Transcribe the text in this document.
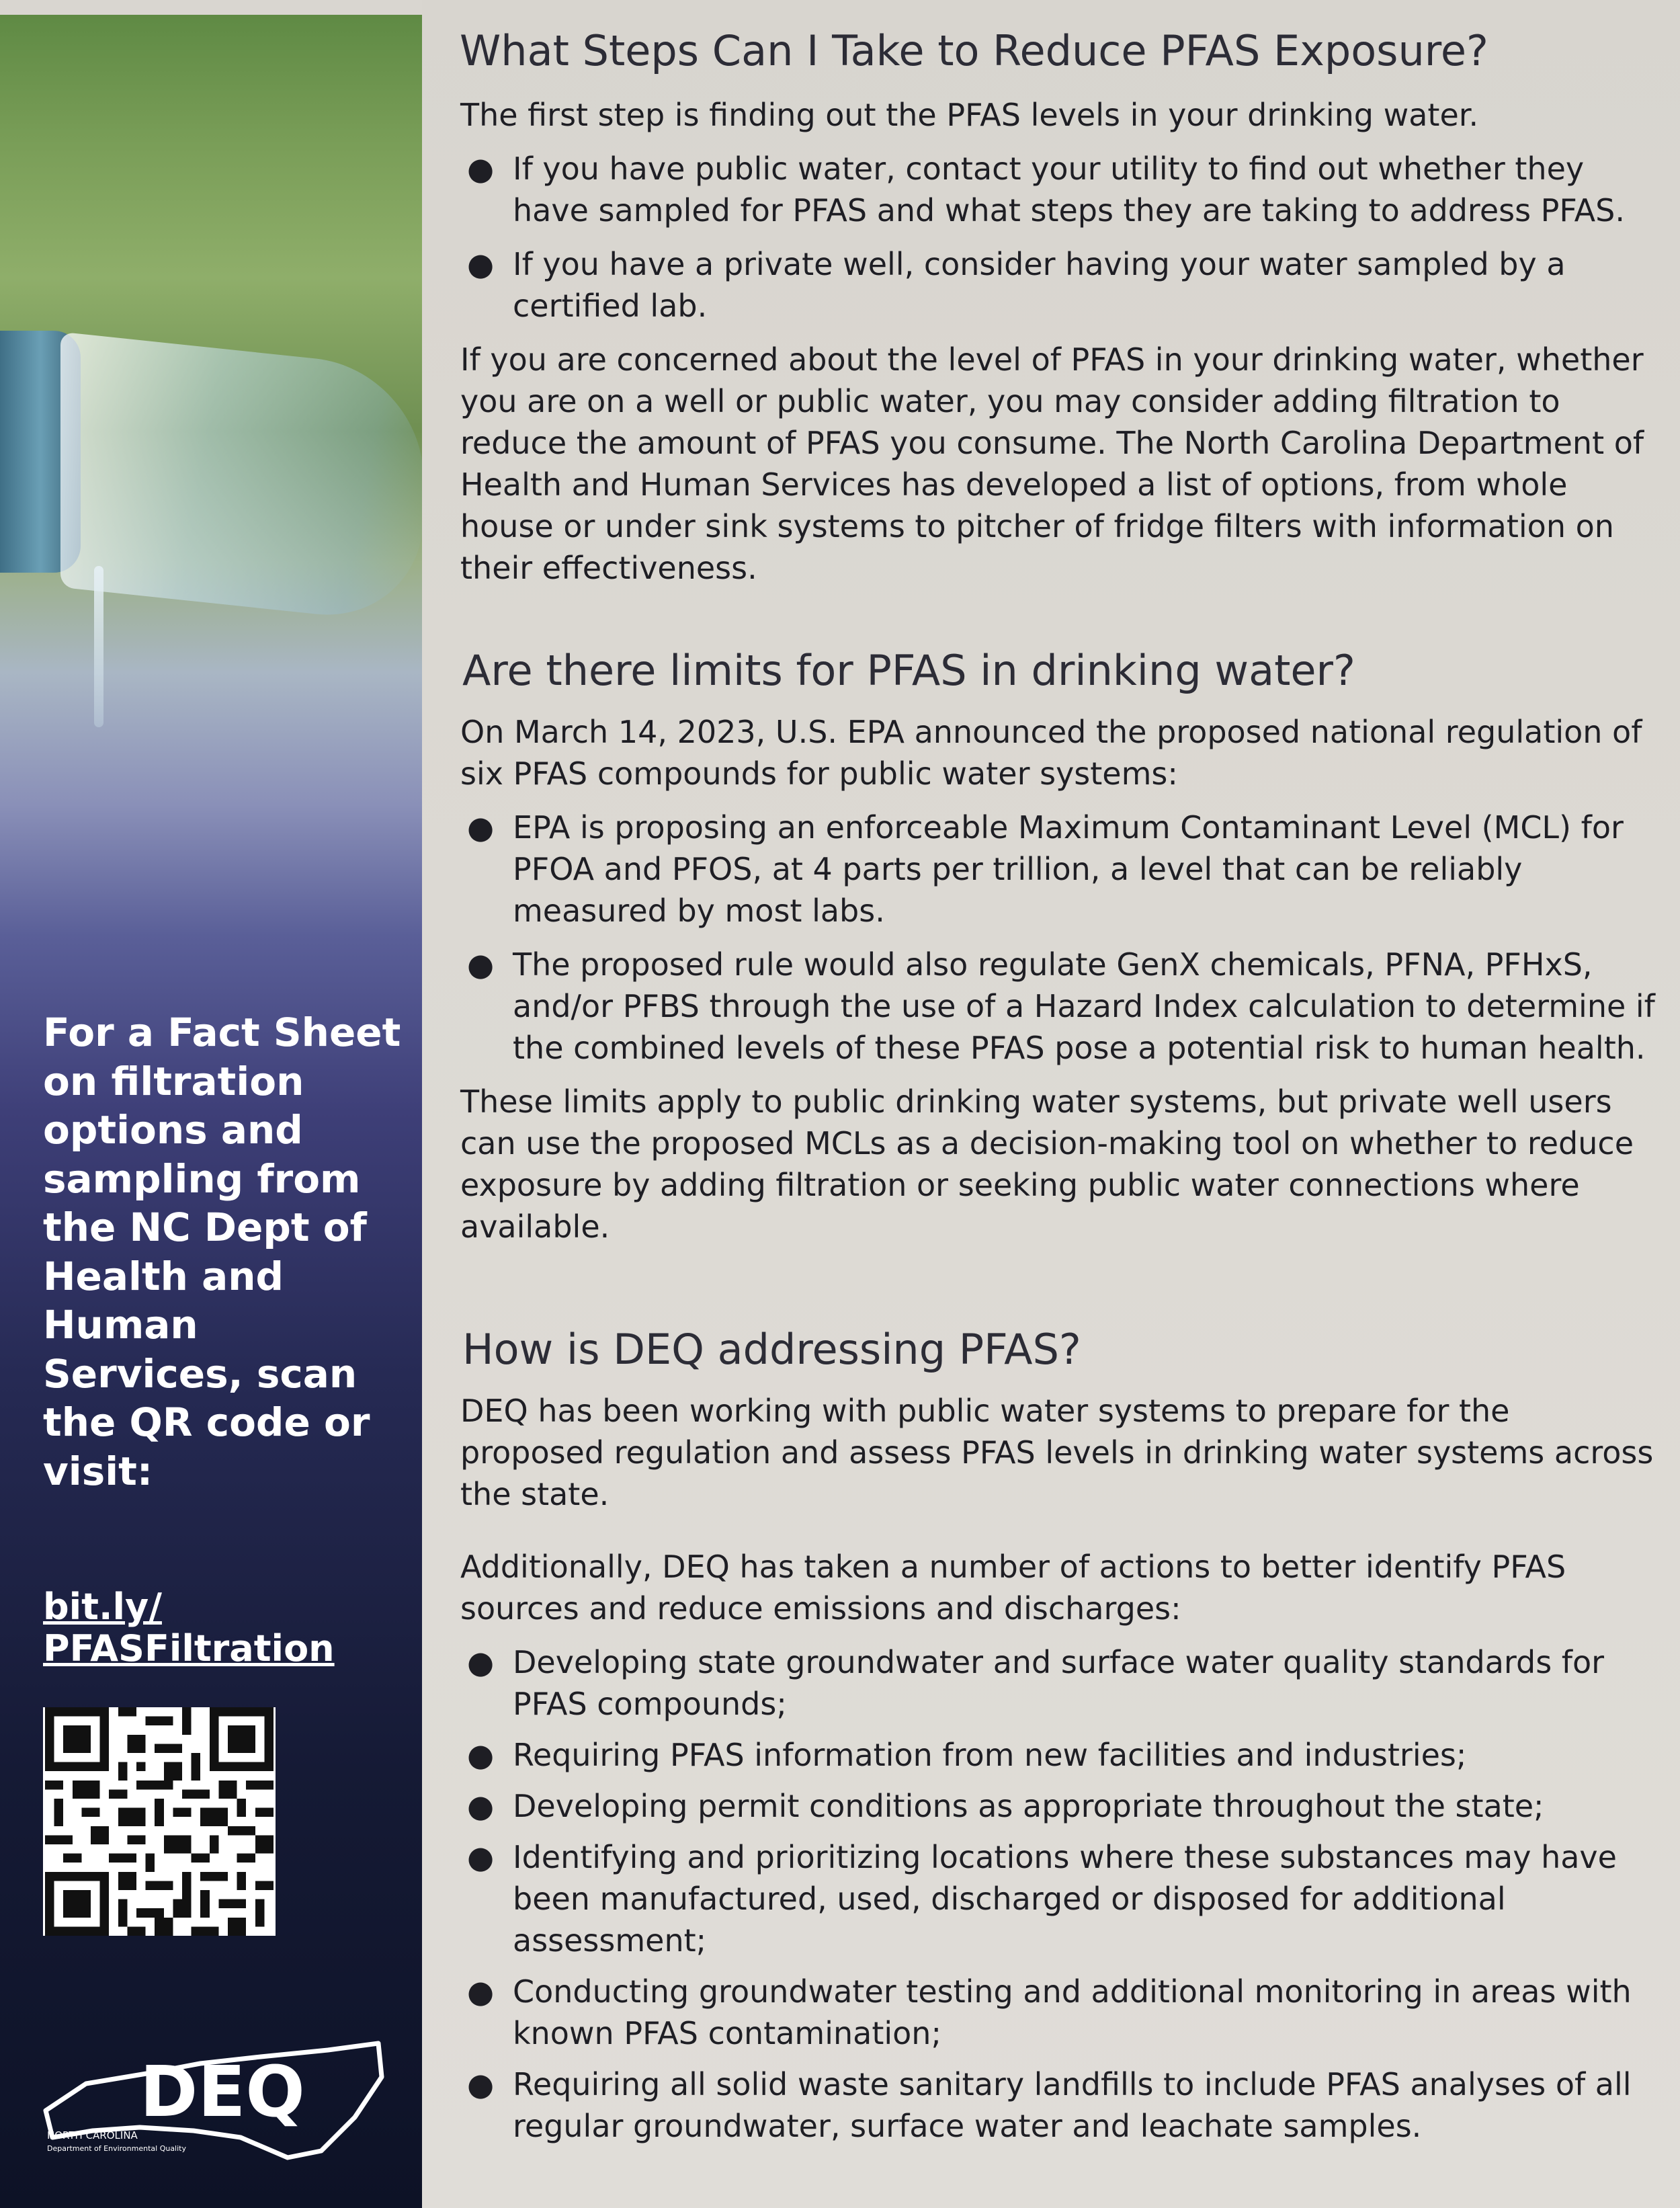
For a Fact Sheet on filtration options and sampling from the NC Dept of Health and Human Services, scan the QR code or visit:

bit.ly/
PFASFiltration
DEQ
NORTH CAROLINA
Department of Environmental Quality
What Steps Can I Take to Reduce PFAS Exposure?

The first step is finding out the PFAS levels in your drinking water.

● If you have public water, contact your utility to find out whether they have sampled for PFAS and what steps they are taking to address PFAS.
● If you have a private well, consider having your water sampled by a certified lab.

If you are concerned about the level of PFAS in your drinking water, whether you are on a well or public water, you may consider adding filtration to reduce the amount of PFAS you consume. The North Carolina Department of Health and Human Services has developed a list of options, from whole house or under sink systems to pitcher of fridge filters with information on their effectiveness.

Are there limits for PFAS in drinking water?

On March 14, 2023, U.S. EPA announced the proposed national regulation of six PFAS compounds for public water systems:

● EPA is proposing an enforceable Maximum Contaminant Level (MCL) for PFOA and PFOS, at 4 parts per trillion, a level that can be reliably measured by most labs.
● The proposed rule would also regulate GenX chemicals, PFNA, PFHxS, and/or PFBS through the use of a Hazard Index calculation to determine if the combined levels of these PFAS pose a potential risk to human health.

These limits apply to public drinking water systems, but private well users can use the proposed MCLs as a decision-making tool on whether to reduce exposure by adding filtration or seeking public water connections where available.

How is DEQ addressing PFAS?

DEQ has been working with public water systems to prepare for the proposed regulation and assess PFAS levels in drinking water systems across the state.

Additionally, DEQ has taken a number of actions to better identify PFAS sources and reduce emissions and discharges:

● Developing state groundwater and surface water quality standards for PFAS compounds;
● Requiring PFAS information from new facilities and industries;
● Developing permit conditions as appropriate throughout the state;
● Identifying and prioritizing locations where these substances may have been manufactured, used, discharged or disposed for additional assessment;
● Conducting groundwater testing and additional monitoring in areas with known PFAS contamination;
● Requiring all solid waste sanitary landfills to include PFAS analyses of all regular groundwater, surface water and leachate samples.
